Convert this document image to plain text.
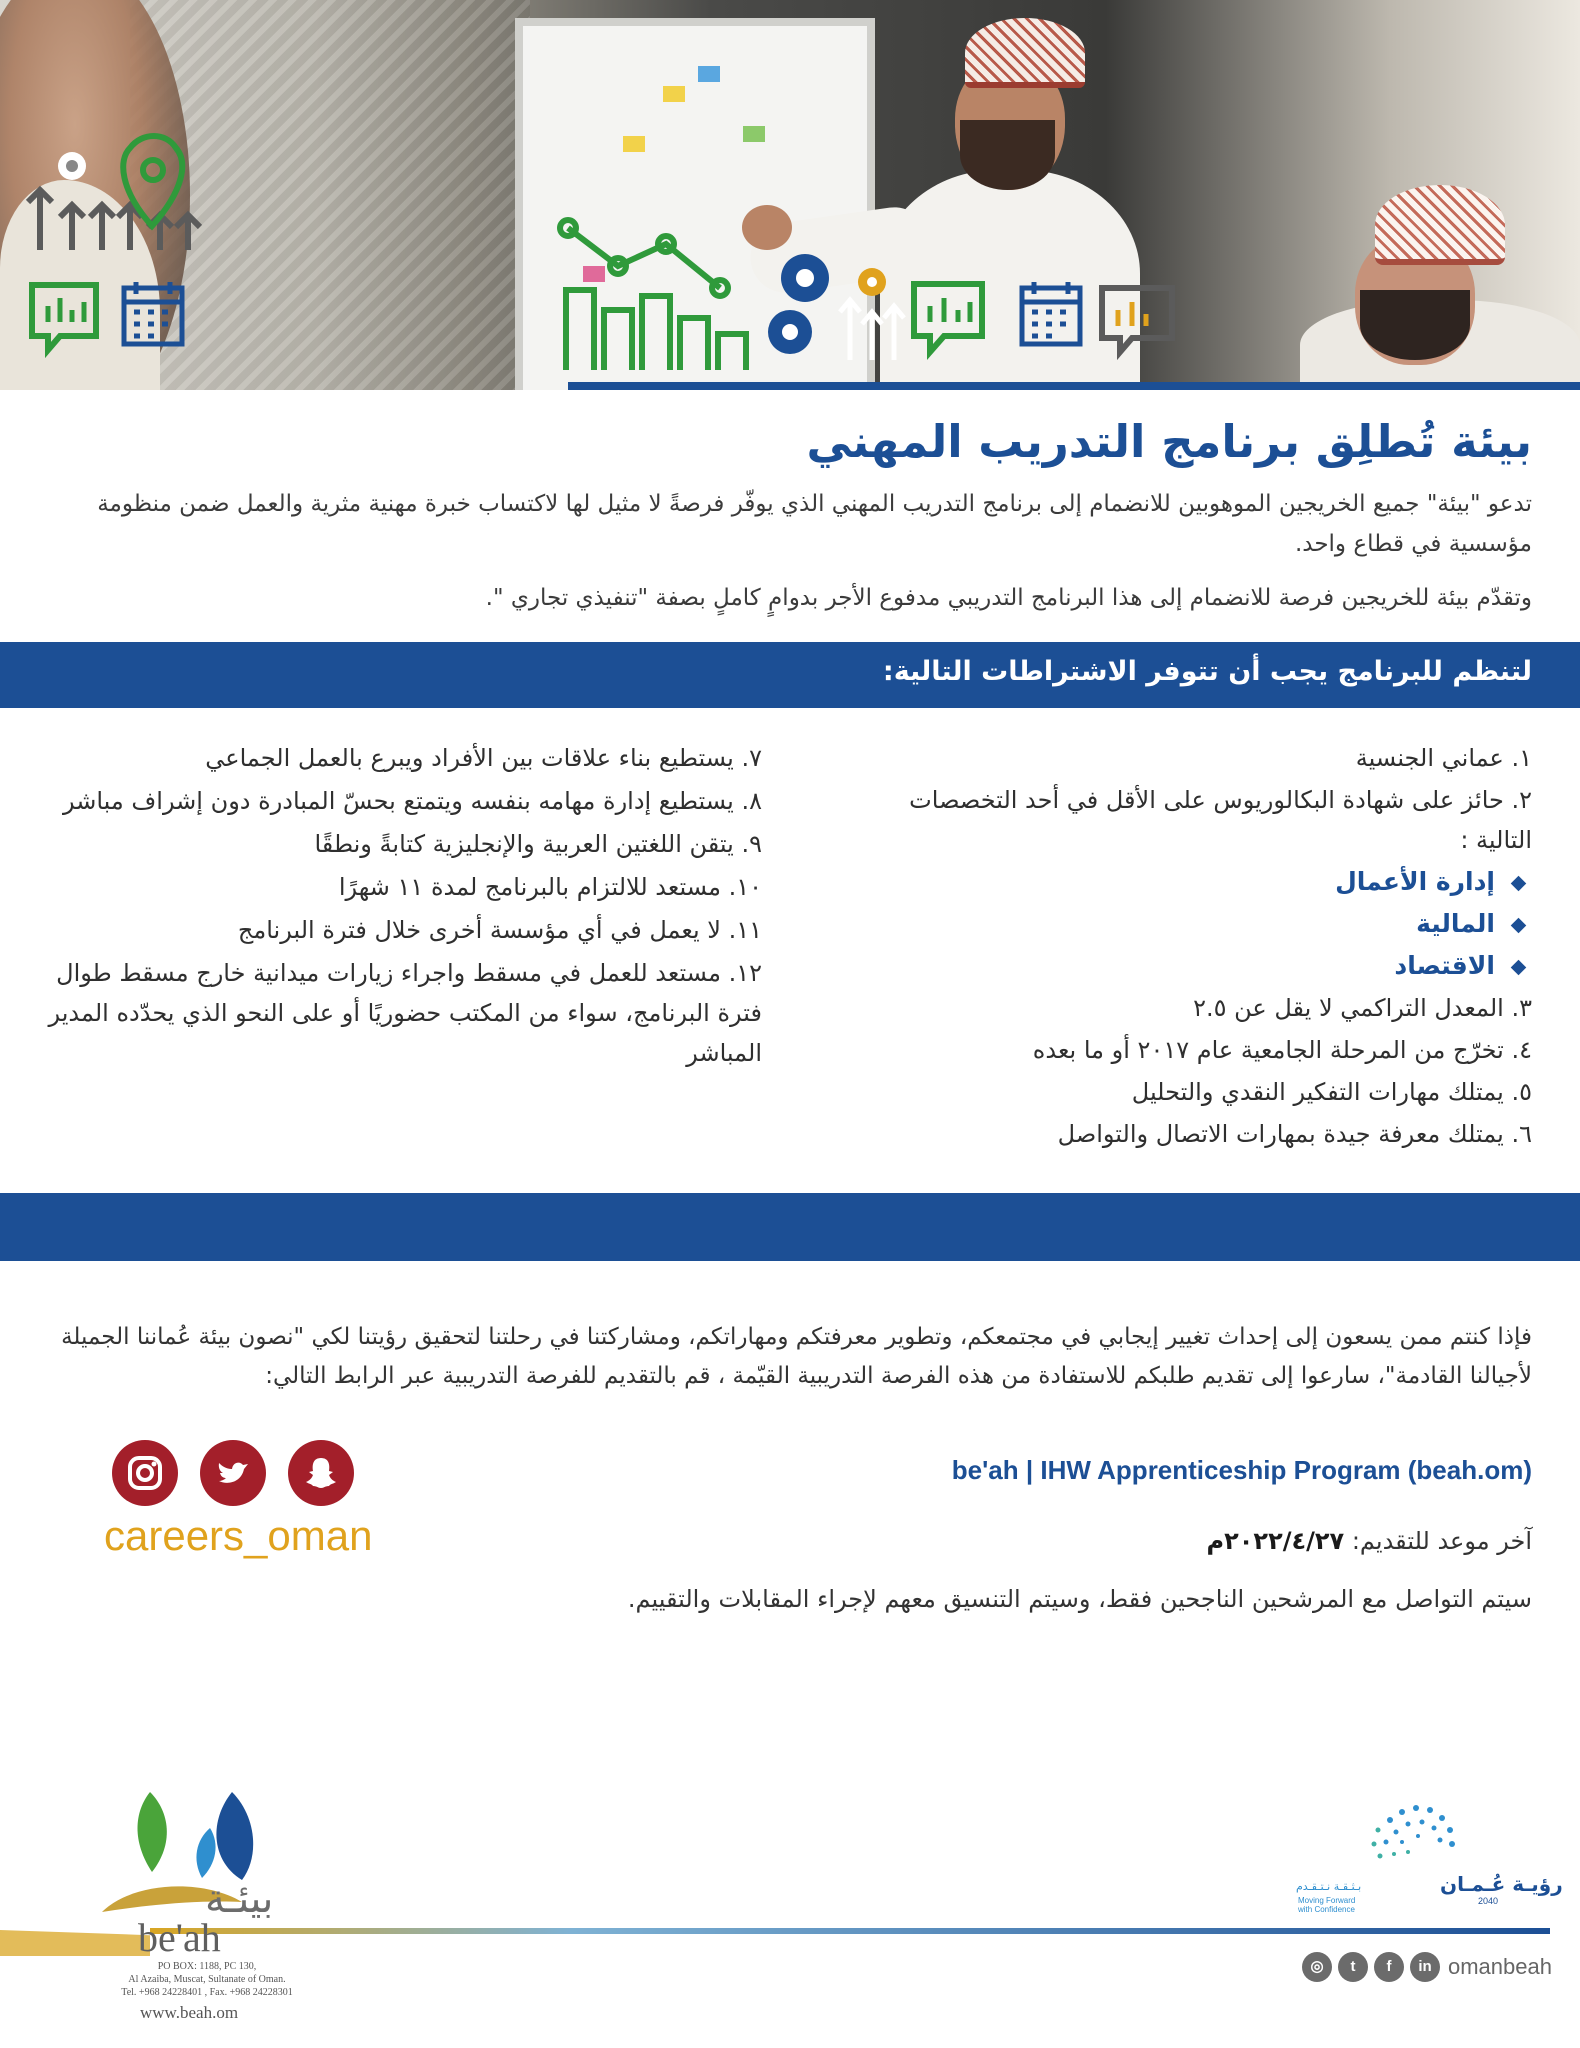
بيئة تُطلِق برنامج التدريب المهني

تدعو "بيئة" جميع الخريجين الموهوبين للانضمام إلى برنامج التدريب المهني الذي يوفّر فرصةً لا مثيل لها لاكتساب خبرة مهنية مثرية والعمل ضمن منظومة مؤسسية في قطاع واحد.

وتقدّم بيئة للخريجين فرصة للانضمام إلى هذا البرنامج التدريبي مدفوع الأجر بدوامٍ كاملٍ بصفة "تنفيذي تجاري ".

لتنظم للبرنامج يجب أن تتوفر الاشتراطات التالية:
١. عماني الجنسية
٢. حائز على شهادة البكالوريوس على الأقل في أحد التخصصات التالية :
إدارة الأعمال
المالية
الاقتصاد
٣. المعدل التراكمي لا يقل عن ٢.٥
٤. تخرّج من المرحلة الجامعية عام ٢٠١٧ أو ما بعده
٥. يمتلك مهارات التفكير النقدي والتحليل
٦. يمتلك معرفة جيدة بمهارات الاتصال والتواصل
٧. يستطيع بناء علاقات بين الأفراد ويبرع بالعمل الجماعي
٨. يستطيع إدارة مهامه بنفسه ويتمتع بحسّ المبادرة دون إشراف مباشر
٩. يتقن اللغتين العربية والإنجليزية كتابةً ونطقًا
١٠. مستعد للالتزام بالبرنامج لمدة ١١ شهرًا
١١. لا يعمل في أي مؤسسة أخرى خلال فترة البرنامج
١٢. مستعد للعمل في مسقط واجراء زيارات ميدانية خارج مسقط طوال فترة البرنامج، سواء من المكتب حضوريًا أو على النحو الذي يحدّده المدير المباشر

فإذا كنتم ممن يسعون إلى إحداث تغيير إيجابي في مجتمعكم، وتطوير معرفتكم ومهاراتكم، ومشاركتنا في رحلتنا لتحقيق رؤيتنا لكي "نصون بيئة عُماننا الجميلة لأجيالنا القادمة"، سارعوا إلى تقديم طلبكم للاستفادة من هذه الفرصة التدريبية القيّمة ، قم بالتقديم للفرصة التدريبية عبر الرابط التالي:

be'ah | IHW Apprenticeship Program (beah.om)
آخر موعد للتقديم: ٢٠٢٢/٤/٢٧م

سيتم التواصل مع المرشحين الناجحين فقط، وسيتم التنسيق معهم لإجراء المقابلات والتقييم.

careers_oman
بيئـة
be'ah
PO BOX: 1188, PC 130,
Al Azaiba, Muscat, Sultanate of Oman.
Tel. +968 24228401 , Fax. +968 24228301
www.beah.om
رؤيـة عُـمـان
2040
بـثـقـة نـتـقـدم
Moving Forward
with Confidence
◎	t	f	in omanbeah
